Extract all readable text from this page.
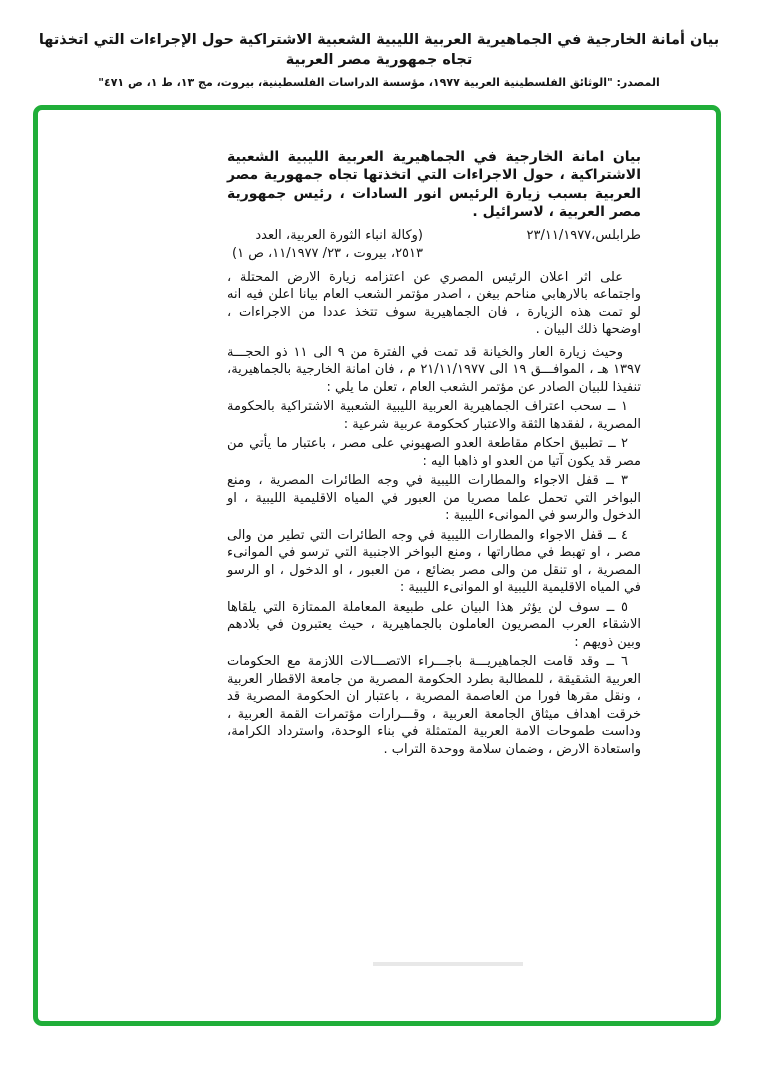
بيان أمانة الخارجية في الجماهيرية العربية الليبية الشعبية الاشتراكية حول الإجراءات التي اتخذتها تجاه جمهورية مصر العربية
المصدر: "الوثائق الفلسطينية العربية ١٩٧٧، مؤسسة الدراسات الفلسطينية، بيروت، مج ١٣، ط ١، ص ٤٧١"
بيان امانة الخارجية في الجماهيرية العربية الليبية الشعبية الاشتراكية ، حول الاجراءات التي اتخذتها تجاه جمهورية مصر العربية بسبب زيارة الرئيس انور السادات ، رئيس جمهورية مصر العربية ، لاسرائيل .
طرابلس،٢٣/١١/١٩٧٧
(وكالة انباء الثورة العربية، العدد ٢٥١٣، بيروت ، ٢٣/ ١١/١٩٧٧، ص ١)
على اثر اعلان الرئيس المصري عن اعتزامه زيارة الارض المحتلة ، واجتماعه بالارهابي مناحم بيغن ، اصدر مؤتمر الشعب العام بيانا اعلن فيه انه لو تمت هذه الزيارة ، فان الجماهيرية سوف تتخذ عددا من الاجراءات ، اوضحها ذلك البيان .
وحيث زيارة العار والخيانة قد تمت في الفترة من ٩ الى ١١ ذو الحجـــة ١٣٩٧ هـ ، الموافـــق ١٩ الى ٢١/١١/١٩٧٧ م ، فان امانة الخارجية بالجماهيرية، تنفيذا للبيان الصادر عن مؤتمر الشعب العام ، تعلن ما يلي :
١ ــ سحب اعتراف الجماهيرية العربية الليبية الشعبية الاشتراكية بالحكومة المصرية ، لفقدها الثقة والاعتبار كحكومة عربية شرعية :
٢ ــ تطبيق احكام مقاطعة العدو الصهيوني على مصر ، باعتبار ما يأتي من مصر قد يكون آتيا من العدو او ذاهبا اليه :
٣ ــ قفل الاجواء والمطارات الليبية في وجه الطائرات المصرية ، ومنع البواخر التي تحمل علما مصريا من العبور في المياه الاقليمية الليبية ، او الدخول والرسو في الموانىء الليبية :
٤ ــ قفل الاجواء والمطارات الليبية في وجه الطائرات التي تطير من والى مصر ، او تهبط في مطاراتها ، ومنع البواخر الاجنبية التي ترسو في الموانىء المصرية ، او تنقل من والى مصر بضائع ، من العبور ، او الدخول ، او الرسو في المياه الاقليمية الليبية او الموانىء الليبية :
٥ ــ سوف لن يؤثر هذا البيان على طبيعة المعاملة الممتازة التي يلقاها الاشقاء العرب المصريون العاملون بالجماهيرية ، حيث يعتبرون في بلادهم وبين ذويهم :
٦ ــ وقد قامت الجماهيريـــة باجـــراء الاتصـــالات اللازمة مع الحكومات العربية الشقيقة ، للمطالبة بطرد الحكومة المصرية من جامعة الاقطار العربية ، ونقل مقرها فورا من العاصمة المصرية ، باعتبار ان الحكومة المصرية قد خرقت اهداف ميثاق الجامعة العربية ، وقـــرارات مؤتمرات القمة العربية ، وداست طموحات الامة العربية المتمثلة في بناء الوحدة، واسترداد الكرامة، واستعادة الارض ، وضمان سلامة ووحدة التراب .
